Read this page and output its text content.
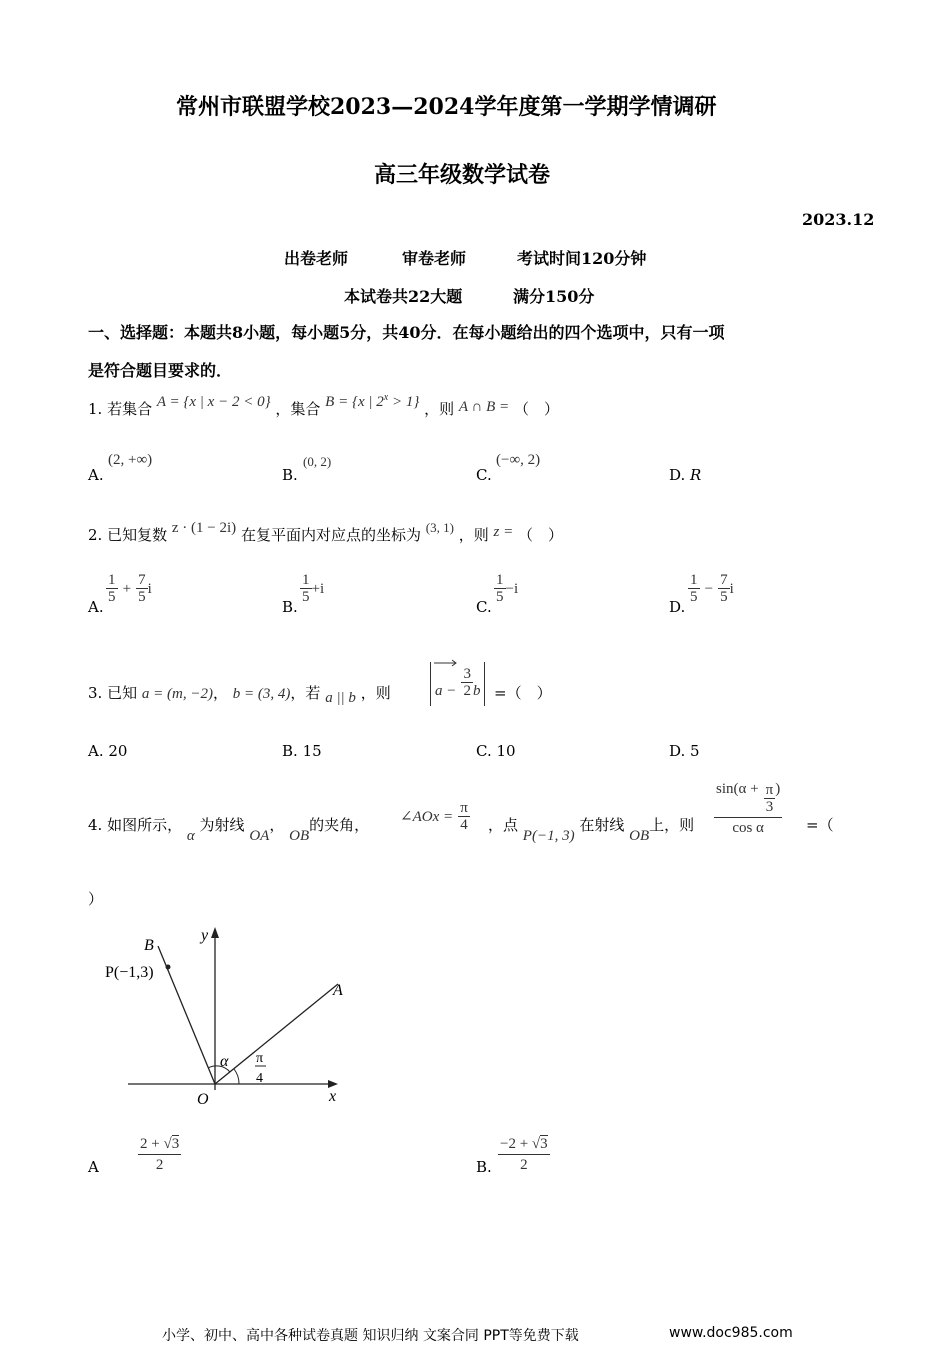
常州市联盟学校2023—2024学年度第一学期学情调研
高三年级数学试卷
2023.12
出卷老师	审卷老师	考试时间120分钟
本试卷共22大题	满分150分
一、选择题：本题共8小题，每小题5分，共40分．在每小题给出的四个选项中，只有一项
是符合题目要求的．
1. 若集合 A = {x | x − 2 < 0} ，集合 B = {x | $2^x > 1$} ，则 A ∩ B = （　）
A.
(2, +∞)
B.
(0, 2)
C.
(−∞, 2)
D. R
2. 已知复数 z · (1 − 2i) 在复平面内对应点的坐标为 (3, 1) ，则 z = （　）
A.
$\frac{1}{5} + \frac{7}{5}$ i
B.
$\frac{1}{5} +i$
C.
$\frac{1}{5} -i$
D.
$\frac{1}{5} - \frac{7}{5}$ i
3. 已知 a = (m, −2)， b = (3, 4)，若 a || b ，则	$a - \frac{3}{2}$ b =（　）
A. 20	B. 15	C. 10	D. 5
4. 如图所示， α 为射线 OA， OB的夹角， ∠AOx = $\frac{\pi}{4}$ ，点 P(−1, 3) 在射线 OB上，则 $\frac{\sin(\alpha + \frac{\pi}{3} )}{\text{cos α}}$ =（
）
B
P(−1,3)
y
A
α π
4
O	x
A	$\frac{2 + √3}{2}$	B. $\frac{-2 + √3}{2}$
小学、初中、高中各种试卷真题 知识归纳 文案合同 PPT等免费下载	www.doc985.com
